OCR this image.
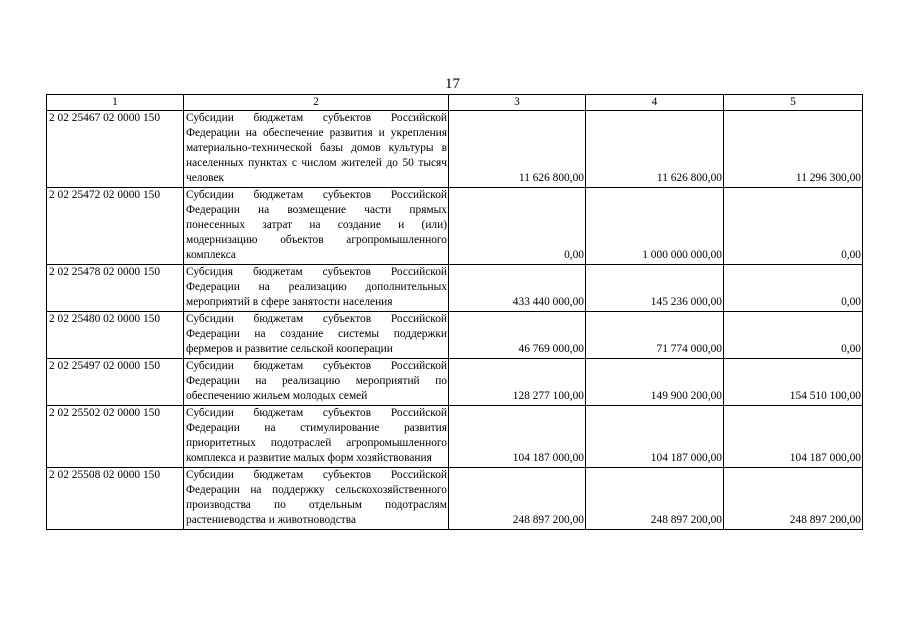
17
1	2	3	4	5
2 02 25467 02 0000 150	Субсидии бюджетам субъектов Российской Федерации на обеспечение развития и укрепления материально-технической базы домов культуры в населенных пунктах с числом жителей до 50 тысяч человек	11 626 800,00	11 626 800,00	11 296 300,00
2 02 25472 02 0000 150	Субсидии бюджетам субъектов Российской Федерации на возмещение части прямых понесенных затрат на создание и (или) модернизацию объектов агропромышленного комплекса	0,00	1 000 000 000,00	0,00
2 02 25478 02 0000 150	Субсидия бюджетам субъектов Российской Федерации на реализацию дополнительных мероприятий в сфере занятости населения	433 440 000,00	145 236 000,00	0,00
2 02 25480 02 0000 150	Субсидии бюджетам субъектов Российской Федерации на создание системы поддержки фермеров и развитие сельской кооперации	46 769 000,00	71 774 000,00	0,00
2 02 25497 02 0000 150	Субсидии бюджетам субъектов Российской Федерации на реализацию мероприятий по обеспечению жильем молодых семей	128 277 100,00	149 900 200,00	154 510 100,00
2 02 25502 02 0000 150	Субсидии бюджетам субъектов Российской Федерации на стимулирование развития приоритетных подотраслей агропромышленного комплекса и развитие малых форм хозяйствования	104 187 000,00	104 187 000,00	104 187 000,00
2 02 25508 02 0000 150	Субсидии бюджетам субъектов Российской Федерации на поддержку сельскохозяйственного производства по отдельным подотраслям растениеводства и животноводства	248 897 200,00	248 897 200,00	248 897 200,00
